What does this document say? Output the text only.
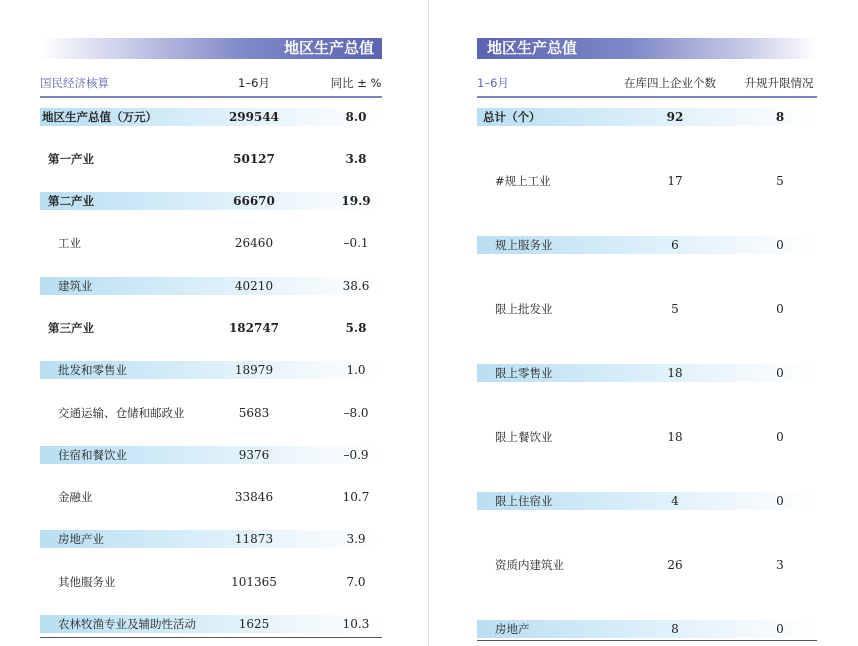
地区生产总值
国民经济核算	1–6月	同比 ± %
地区生产总值（万元）	299544	8.0
第一产业	50127	3.8
第二产业	66670	19.9
工业	26460	–0.1
建筑业	40210	38.6
第三产业	182747	5.8
批发和零售业	18979	1.0
交通运输、仓储和邮政业	5683	–8.0
住宿和餐饮业	9376	–0.9
金融业	33846	10.7
房地产业	11873	3.9
其他服务业	101365	7.0
农林牧渔专业及辅助性活动	1625	10.3
地区生产总值
1–6月	在库四上企业个数	升规升限情况
总计（个）	92	8
#规上工业	17	5
规上服务业	6	0
限上批发业	5	0
限上零售业	18	0
限上餐饮业	18	0
限上住宿业	4	0
资质内建筑业	26	3
房地产	8	0
